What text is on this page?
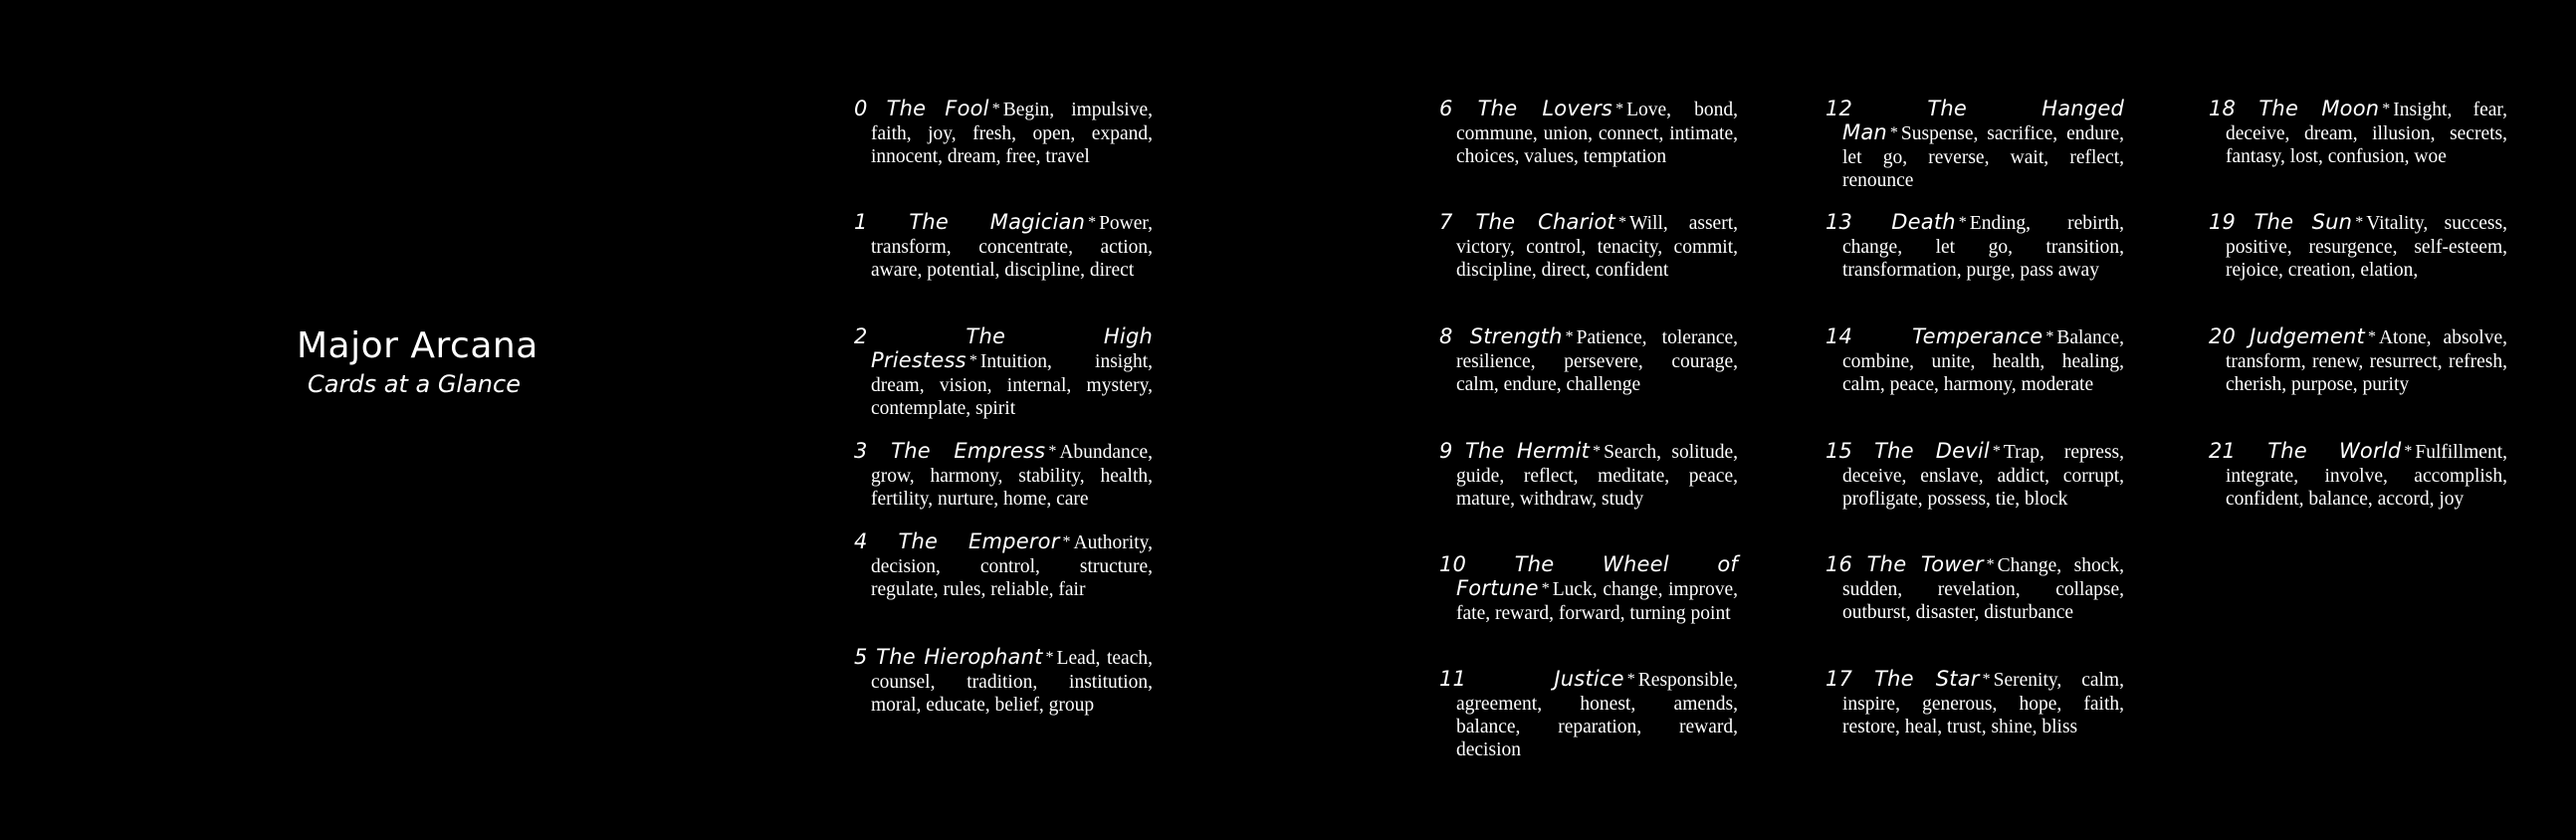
Major Arcana
Cards at a Glance

0 The Fool * Begin, impulsive, faith, joy, fresh, open, expand, innocent, dream, free, travel

1 The Magician * Power, transform, concentrate, action, aware, potential, discipline, direct

2 The High Priestess * Intuition, insight, dream, vision, internal, mystery, contemplate, spirit

3 The Empress * Abundance, grow, harmony, stability, health, fertility, nurture, home, care

4 The Emperor * Authority, decision, control, structure, regulate, rules, reliable, fair

5 The Hierophant * Lead, teach, counsel, tradition, institution, moral, educate, belief, group

6 The Lovers * Love, bond, commune, union, connect, intimate, choices, values, temptation

7 The Chariot * Will, assert, victory, control, tenacity, commit, discipline, direct, confident

8 Strength * Patience, tolerance, resilience, persevere, courage, calm, endure, challenge

9 The Hermit * Search, solitude, guide, reflect, meditate, peace, mature, withdraw, study

10 The Wheel of Fortune * Luck, change, improve, fate, reward, forward, turning point

11 Justice * Responsible, agreement, honest, amends, balance, reparation, reward, decision

12 The Hanged Man * Suspense, sacrifice, endure, let go, reverse, wait, reflect, renounce

13 Death * Ending, rebirth, change, let go, transition, transformation, purge, pass away

14 Temperance * Balance, combine, unite, health, healing, calm, peace, harmony, moderate

15 The Devil * Trap, repress, deceive, enslave, addict, corrupt, profligate, possess, tie, block

16 The Tower * Change, shock, sudden, revelation, collapse, outburst, disaster, disturbance

17 The Star * Serenity, calm, inspire, generous, hope, faith, restore, heal, trust, shine, bliss

18 The Moon * Insight, fear, deceive, dream, illusion, secrets, fantasy, lost, confusion, woe

19 The Sun * Vitality, success, positive, resurgence, self-esteem, rejoice, creation, elation,

20 Judgement * Atone, absolve, transform, renew, resurrect, refresh, cherish, purpose, purity

21 The World * Fulfillment, integrate, involve, accomplish, confident, balance, accord, joy
